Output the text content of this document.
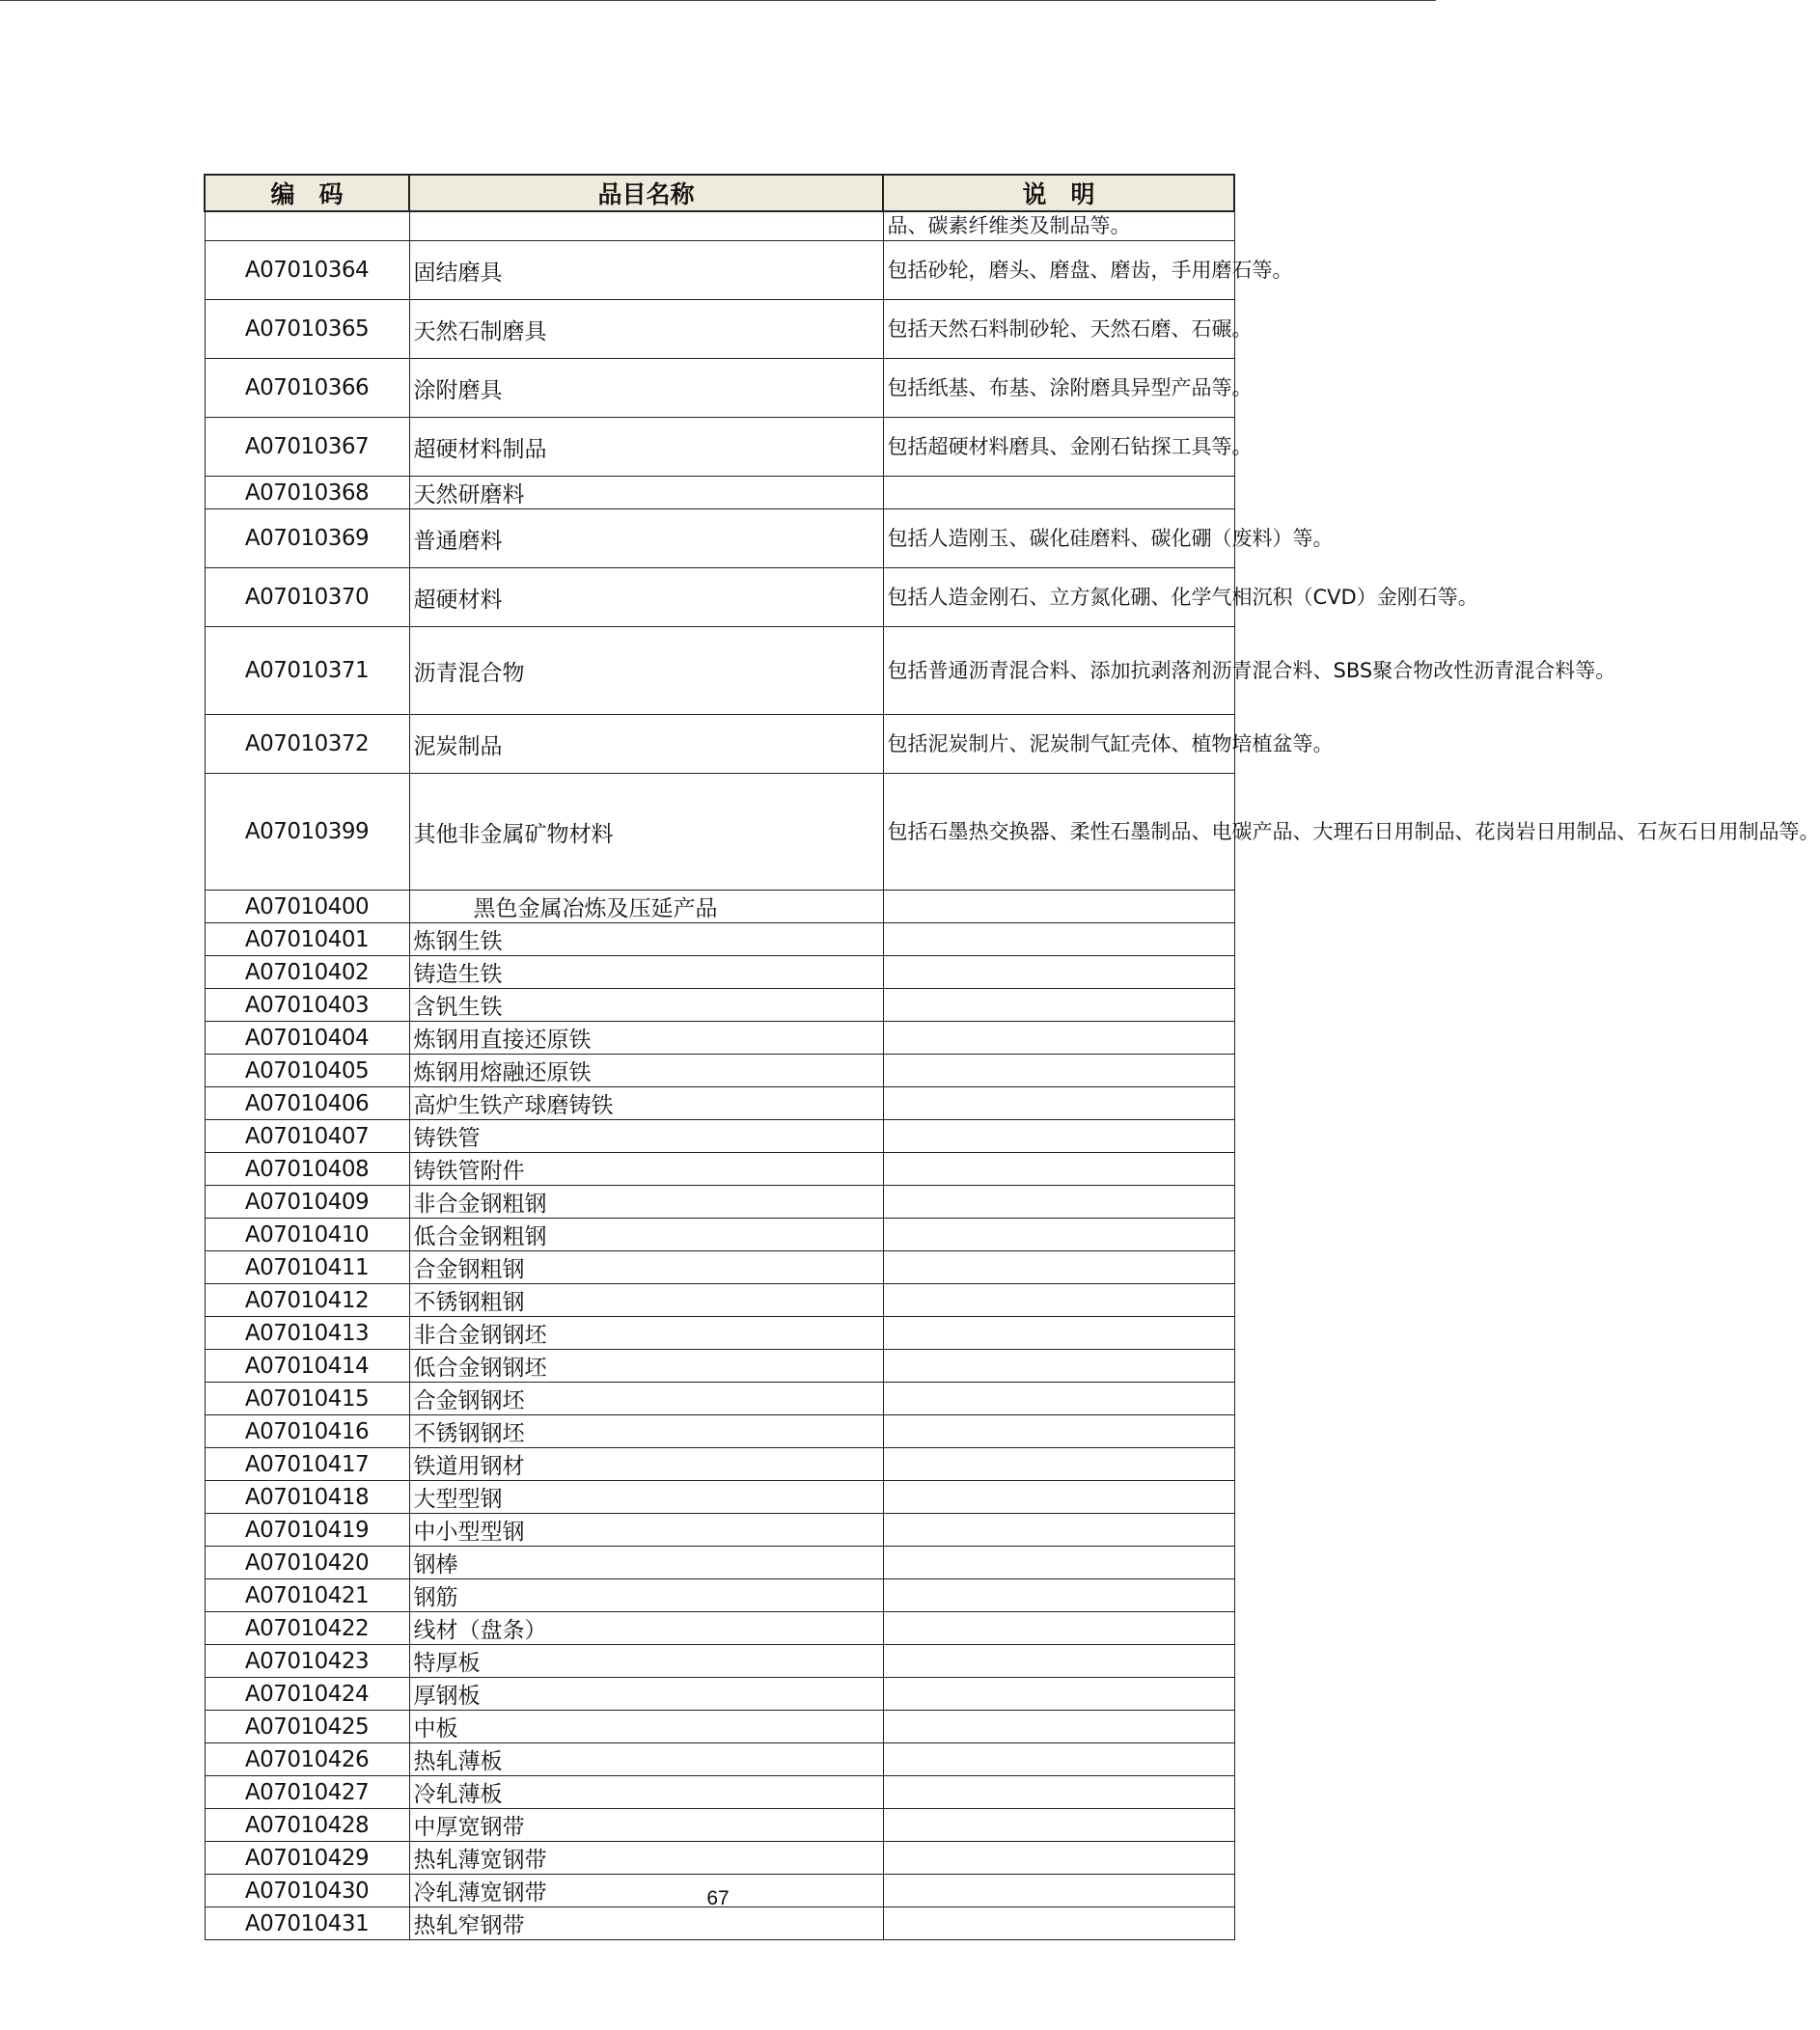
编　码	品目名称	说　明
		品、碳素纤维类及制品等。
A07010364	固结磨具	包括砂轮，磨头、磨盘、磨齿，手用磨石等。
A07010365	天然石制磨具	包括天然石料制砂轮、天然石磨、石碾。
A07010366	涂附磨具	包括纸基、布基、涂附磨具异型产品等。
A07010367	超硬材料制品	包括超硬材料磨具、金刚石钻探工具等。
A07010368	天然研磨料	
A07010369	普通磨料	包括人造刚玉、碳化硅磨料、碳化硼（废料）等。
A07010370	超硬材料	包括人造金刚石、立方氮化硼、化学气相沉积（CVD）金刚石等。
A07010371	沥青混合物	包括普通沥青混合料、添加抗剥落剂沥青混合料、SBS聚合物改性沥青混合料等。
A07010372	泥炭制品	包括泥炭制片、泥炭制气缸壳体、植物培植盆等。
A07010399	其他非金属矿物材料	包括石墨热交换器、柔性石墨制品、电碳产品、大理石日用制品、花岗岩日用制品、石灰石日用制品等。
A07010400	黑色金属冶炼及压延产品	
A07010401	炼钢生铁	
A07010402	铸造生铁	
A07010403	含钒生铁	
A07010404	炼钢用直接还原铁	
A07010405	炼钢用熔融还原铁	
A07010406	高炉生铁产球磨铸铁	
A07010407	铸铁管	
A07010408	铸铁管附件	
A07010409	非合金钢粗钢	
A07010410	低合金钢粗钢	
A07010411	合金钢粗钢	
A07010412	不锈钢粗钢	
A07010413	非合金钢钢坯	
A07010414	低合金钢钢坯	
A07010415	合金钢钢坯	
A07010416	不锈钢钢坯	
A07010417	铁道用钢材	
A07010418	大型型钢	
A07010419	中小型型钢	
A07010420	钢棒	
A07010421	钢筋	
A07010422	线材（盘条）	
A07010423	特厚板	
A07010424	厚钢板	
A07010425	中板	
A07010426	热轧薄板	
A07010427	冷轧薄板	
A07010428	中厚宽钢带	
A07010429	热轧薄宽钢带	
A07010430	冷轧薄宽钢带	
A07010431	热轧窄钢带	
67
